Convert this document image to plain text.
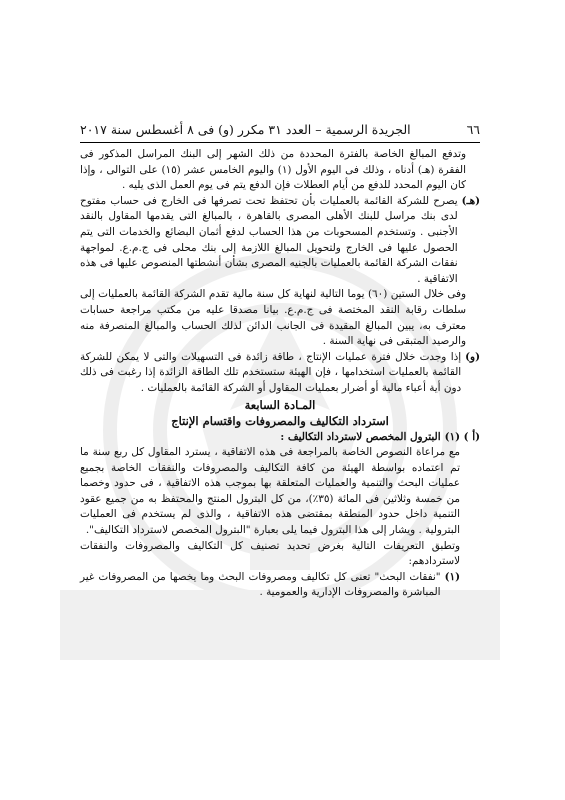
٦٦
الجريدة الرسمية – العدد ٣١ مكرر (و) فى ٨ أغسطس سنة ٢٠١٧

وتدفع المبالغ الخاصة بالفترة المحددة من ذلك الشهر إلى البنك المراسل المذكور فى الفقرة (هـ) أدناه ، وذلك فى اليوم الأول (١) واليوم الخامس عشر (١٥) على التوالى ، وإذا كان اليوم المحدد للدفع من أيام العطلات فإن الدفع يتم فى يوم العمل الذى يليه .

(هـ)
يصرح للشركة القائمة بالعمليات بأن تحتفظ تحت تصرفها فى الخارج فى حساب مفتوح لدى بنك مراسل للبنك الأهلى المصرى بالقاهرة ، بالمبالغ التى يقدمها المقاول بالنقد الأجنبى . وتستخدم المسحوبات من هذا الحساب لدفع أثمان البضائع والخدمات التى يتم الحصول عليها فى الخارج ولتحويل المبالغ اللازمة إلى بنك محلى فى ج.م.ع. لمواجهة نفقات الشركة القائمة بالعمليات بالجنيه المصرى بشأن أنشطتها المنصوص عليها فى هذه الاتفاقية .

وفى خلال الستين (٦٠) يوما التالية لنهاية كل سنة مالية تقدم الشركة القائمة بالعمليات إلى سلطات رقابة النقد المختصة فى ج.م.ع. بيانا مصدقا عليه من مكتب مراجعة حسابات معترف به، يبين المبالغ المقيدة فى الجانب الدائن لذلك الحساب والمبالغ المنصرفة منه والرصيد المتبقى فى نهاية السنة .

(و)
إذا وجدت خلال فترة عمليات الإنتاج ، طاقة زائدة فى التسهيلات والتى لا يمكن للشركة القائمة بالعمليات استخدامها ، فإن الهيئة ستستخدم تلك الطاقة الزائدة إذا رغبت فى ذلك دون أية أعباء مالية أو أضرار بعمليات المقاول أو الشركة القائمة بالعمليات .
المـادة السابعة
استرداد التكاليف والمصروفات واقتسام الإنتاج
(أ ) (١)
البترول المخصص لاسترداد التكاليف :

مع مراعاة النصوص الخاصة بالمراجعة فى هذه الاتفاقية ، يسترد المقاول كل ربع سنة ما تم اعتماده بواسطة الهيئة من كافة التكاليف والمصروفات والنفقات الخاصة بجميع عمليات البحث والتنمية والعمليات المتعلقة بها بموجب هذه الاتفاقية ، فى حدود وخصما من خمسة وثلاثين فى المائة (٣٥٪)، من كل البترول المنتج والمحتفظ به من جميع عقود التنمية داخل حدود المنطقة بمقتضى هذه الاتفاقية ، والذى لم يستخدم فى العمليات البترولية . ويشار إلى هذا البترول فيما يلى بعبارة "البترول المخصص لاسترداد التكاليف".

وتطبق التعريفات التالية بغرض تحديد تصنيف كل التكاليف والمصروفات والنفقات لاستردادهم:

(١)
"نفقات البحث" تعنى كل تكاليف ومصروفات البحث وما يخصها من المصروفات غير المباشرة والمصروفات الإدارية والعمومية .
